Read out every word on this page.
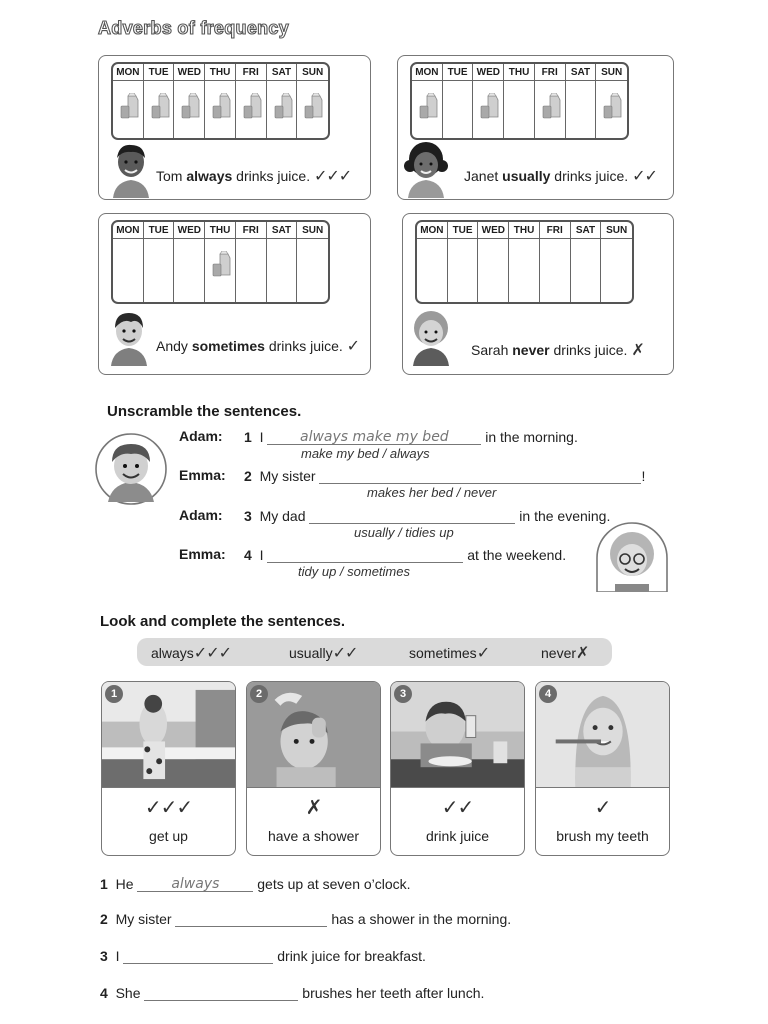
Adverbs of frequency
MON TUE WED THU	FRI	SAT	SUN
Tom always drinks juice. ✓✓✓
MON TUE WED THU	FRI	SAT	SUN
Janet usually drinks juice. ✓✓
MON TUE WED THU	FRI	SAT	SUN
Andy sometimes drinks juice. ✓
MON TUE WED THU	FRI	SAT	SUN
Sarah never drinks juice. ✗
Unscramble the sentences.
Adam: 1 I	always make my bed	in the morning.
make my bed / always
Emma: 2 My sister	!
makes her bed / never
Adam: 3 My dad	in the evening.
usually / tidies up
Emma: 4 I	at the weekend.
tidy up / sometimes
Look and complete the sentences.
always✓✓✓	usually✓✓	sometimes✓	never✗
1
✓✓✓
get up
2
✗
have a shower
3
✓✓
drink juice
4
✓
brush my teeth
1 He	always	gets up at seven o’clock.
2 My sister	has a shower in the morning.
3 I	drink juice for breakfast.
4 She	brushes her teeth after lunch.
